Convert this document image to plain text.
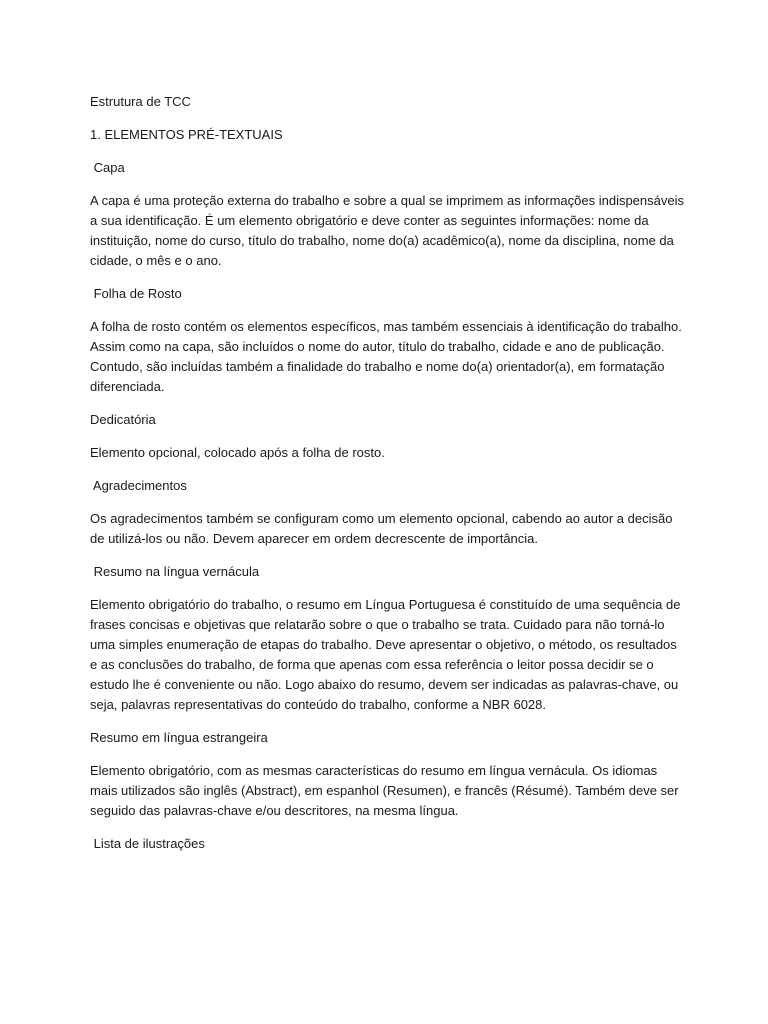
Estrutura de TCC

1. ELEMENTOS PRÉ-TEXTUAIS

Capa

A capa é uma proteção externa do trabalho e sobre a qual se imprimem as informações indispensáveis a sua identificação. É um elemento obrigatório e deve conter as seguintes informações: nome da instituição, nome do curso, título do trabalho, nome do(a) acadêmico(a), nome da disciplina, nome da cidade, o mês e o ano.

Folha de Rosto

A folha de rosto contém os elementos específicos, mas também essenciais à identificação do trabalho. Assim como na capa, são incluídos o nome do autor, título do trabalho, cidade e ano de publicação. Contudo, são incluídas também a finalidade do trabalho e nome do(a) orientador(a), em formatação diferenciada.

Dedicatória

Elemento opcional, colocado após a folha de rosto.

Agradecimentos

Os agradecimentos também se configuram como um elemento opcional, cabendo ao autor a decisão de utilizá-los ou não. Devem aparecer em ordem decrescente de importância.

Resumo na língua vernácula

Elemento obrigatório do trabalho, o resumo em Língua Portuguesa é constituído de uma sequência de frases concisas e objetivas que relatarão sobre o que o trabalho se trata. Cuidado para não torná-lo uma simples enumeração de etapas do trabalho. Deve apresentar o objetivo, o método, os resultados e as conclusões do trabalho, de forma que apenas com essa referência o leitor possa decidir se o estudo lhe é conveniente ou não. Logo abaixo do resumo, devem ser indicadas as palavras-chave, ou seja, palavras representativas do conteúdo do trabalho, conforme a NBR 6028.

Resumo em língua estrangeira

Elemento obrigatório, com as mesmas características do resumo em língua vernácula. Os idiomas mais utilizados são inglês (Abstract), em espanhol (Resumen), e francês (Résumé). Também deve ser seguido das palavras-chave e/ou descritores, na mesma língua.

Lista de ilustrações
